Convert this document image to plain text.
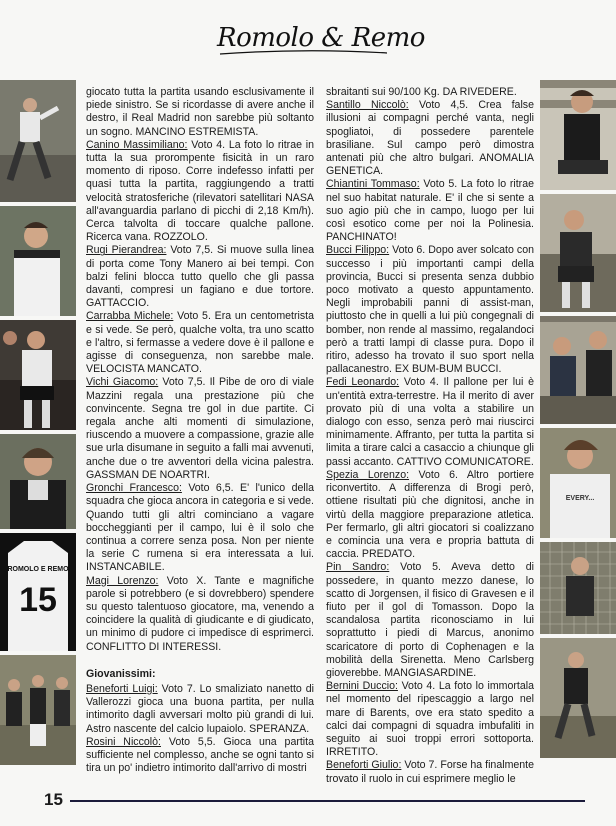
Romolo & Remo
ROMOLO E REMO
15
EVERY...

giocato tutta la partita usando esclusivamente il piede sinistro. Se si ricordasse di avere anche il destro, il Real Madrid non sarebbe più soltanto un sogno. MANCINO ESTREMISTA.

Canino Massimiliano: Voto 4. La foto lo ritrae in tutta la sua prorompente fisicità in un raro momento di riposo. Corre indefesso infatti per quasi tutta la partita, raggiungendo a tratti velocità stratosferiche (rilevatori satellitari NASA all'avanguardia parlano di picchi di 2,18 Km/h). Cerca talvolta di toccare qualche pallone. Ricerca vana. ROZZOLO.

Rugi Pierandrea: Voto 7,5. Si muove sulla linea di porta come Tony Manero ai bei tempi. Con balzi felini blocca tutto quello che gli passa davanti, compresi un fagiano e due tortore. GATTACCIO.

Carrabba Michele: Voto 5. Era un centometrista e si vede. Se però, qualche volta, tra uno scatto e l'altro, si fermasse a vedere dove è il pallone e agisse di conseguenza, non sarebbe male. VELOCISTA MANCATO.

Vichi Giacomo: Voto 7,5. Il Pibe de oro di viale Mazzini regala una prestazione più che convincente. Segna tre gol in due partite. Ci regala anche alti momenti di simulazione, riuscendo a muovere a compassione, grazie alle sue urla disumane in seguito a falli mai avvenuti, anche due o tre avventori della vicina palestra. GASSMAN DE NOARTRI.

Gronchi Francesco: Voto 6,5. E' l'unico della squadra che gioca ancora in categoria e si vede. Quando tutti gli altri cominciano a vagare boccheggianti per il campo, lui è il solo che continua a correre senza posa. Non per niente la serie C rumena si era interessata a lui. INSTANCABILE.

Magi Lorenzo: Voto X. Tante e magnifiche parole si potrebbero (e si dovrebbero) spendere su questo talentuoso giocatore, ma, venendo a coincidere la qualità di giudicante e di giudicato, un minimo di pudore ci impedisce di esprimerci. CONFLITTO DI INTERESSI.

Giovanissimi:

Beneforti Luigi: Voto 7. Lo smaliziato nanetto di Vallerozzi gioca una buona partita, per nulla intimorito dagli avversari molto più grandi di lui. Astro nascente del calcio lupaiolo. SPERANZA.

Rosini Niccolò: Voto 5,5. Gioca una partita sufficiente nel complesso, anche se ogni tanto si tira un po' indietro intimorito dall'arrivo di mostri

sbraitanti sui 90/100 Kg. DA RIVEDERE.

Santillo Niccolò: Voto 4,5. Crea false illusioni ai compagni perché vanta, negli spogliatoi, di possedere parentele brasiliane. Sul campo però dimostra antenati più che altro bulgari. ANOMALIA GENETICA.

Chiantini Tommaso: Voto 5. La foto lo ritrae nel suo habitat naturale. E' il che si sente a suo agio più che in campo, luogo per lui così esotico come per noi la Polinesia. PANCHINATO!

Bucci Filippo: Voto 6. Dopo aver solcato con successo i più importanti campi della provincia, Bucci si presenta senza dubbio poco motivato a questo appuntamento. Negli improbabili panni di assist-man, piuttosto che in quelli a lui più congegnali di bomber, non rende al massimo, regalandoci però a tratti lampi di classe pura. Dopo il ritiro, adesso ha trovato il suo sport nella pallacanestro. EX BUM-BUM BUCCI.

Fedi Leonardo: Voto 4. Il pallone per lui è un'entità extra-terrestre. Ha il merito di aver provato più di una volta a stabilire un dialogo con esso, senza però mai riuscirci minimamente. Affranto, per tutta la partita si limita a tirare calci a casaccio a chiunque gli passi accanto. CATTIVO COMUNICATORE.

Spezia Lorenzo: Voto 6. Altro portiere riconvertito. A differenza di Brogi però, ottiene risultati più che dignitosi, anche in virtù della maggiore preparazione atletica. Per fermarlo, gli altri giocatori si coalizzano e comincia una vera e propria battuta di caccia. PREDATO.

Pin Sandro: Voto 5. Aveva detto di possedere, in quanto mezzo danese, lo scatto di Jorgensen, il fisico di Gravesen e il fiuto per il gol di Tomasson. Dopo la scandalosa partita riconosciamo in lui soprattutto i piedi di Marcus, anonimo scaricatore di porto di Cophenagen e la mobilità della Sirenetta. Meno Carlsberg gioverebbe. MANGIASARDINE.

Bernini Duccio: Voto 4. La foto lo immortala nel momento del ripescaggio a largo nel mare di Barents, ove era stato spedito a calci dai compagni di squadra imbufaliti in seguito ai suoi troppi errori sottoporta. IRRETITO.

Beneforti Giulio: Voto 7. Forse ha finalmente trovato il ruolo in cui esprimere meglio le

15
